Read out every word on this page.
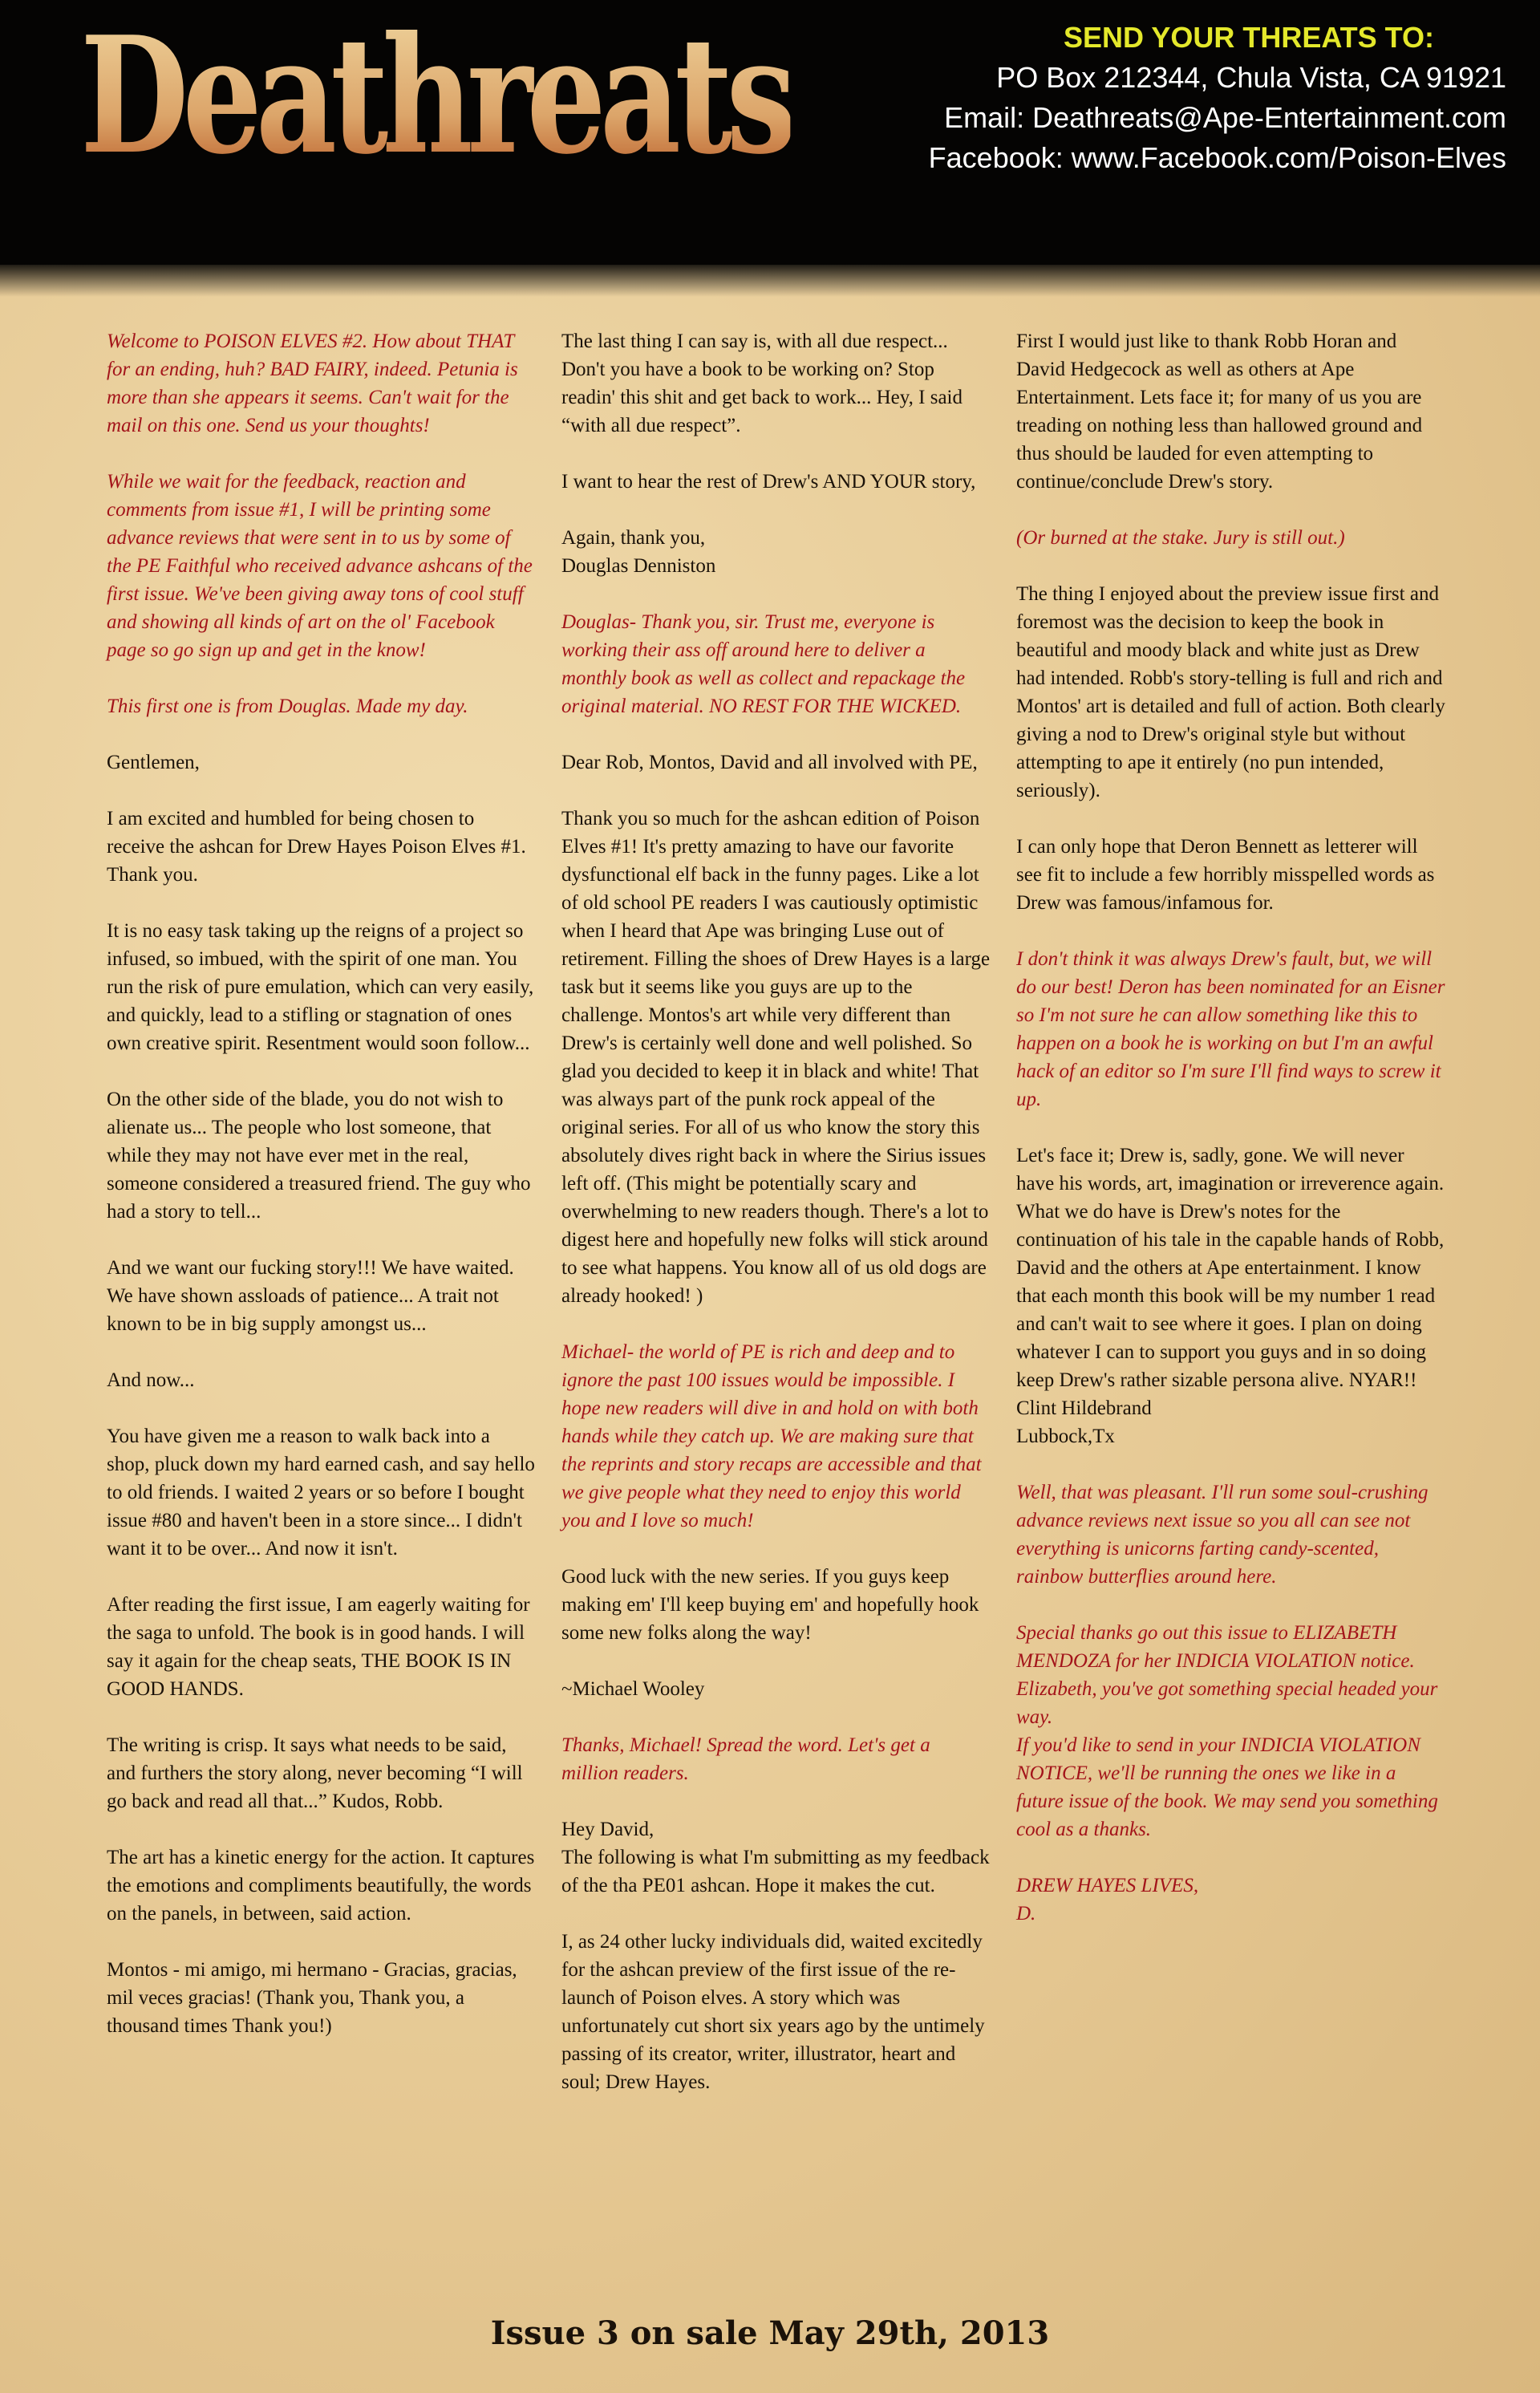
Deathreats	SEND YOUR THREATS TO:
PO Box 212344, Chula Vista, CA 91921
Email: Deathreats@Ape-Entertainment.com
Facebook: www.Facebook.com/Poison-Elves

Welcome to POISON ELVES #2. How about THAT for an ending, huh? BAD FAIRY, indeed. Petunia is more than she appears it seems. Can't wait for the mail on this one. Send us your thoughts!

While we wait for the feedback, reaction and comments from issue #1, I will be printing some advance reviews that were sent in to us by some of the PE Faithful who received advance ashcans of the first issue. We've been giving away tons of cool stuff and showing all kinds of art on the ol' Facebook page so go sign up and get in the know!

This first one is from Douglas. Made my day.

Gentlemen,

I am excited and humbled for being chosen to receive the ashcan for Drew Hayes Poison Elves #1. Thank you.

It is no easy task taking up the reigns of a project so infused, so imbued, with the spirit of one man. You run the risk of pure emulation, which can very easily, and quickly, lead to a stifling or stagnation of ones own creative spirit. Resentment would soon follow...

On the other side of the blade, you do not wish to alienate us... The people who lost someone, that while they may not have ever met in the real, someone considered a treasured friend. The guy who had a story to tell...

And we want our fucking story!!! We have waited. We have shown assloads of patience... A trait not known to be in big supply amongst us...

And now...

You have given me a reason to walk back into a shop, pluck down my hard earned cash, and say hello to old friends. I waited 2 years or so before I bought issue #80 and haven't been in a store since... I didn't want it to be over... And now it isn't.

After reading the first issue, I am eagerly waiting for the saga to unfold. The book is in good hands. I will say it again for the cheap seats, THE BOOK IS IN GOOD HANDS.

The writing is crisp. It says what needs to be said, and furthers the story along, never becoming “I will go back and read all that...” Kudos, Robb.

The art has a kinetic energy for the action. It captures the emotions and compliments beautifully, the words on the panels, in between, said action.

Montos - mi amigo, mi hermano - Gracias, gracias, mil veces gracias! (Thank you, Thank you, a thousand times Thank you!)

The last thing I can say is, with all due respect... Don't you have a book to be working on? Stop readin' this shit and get back to work... Hey, I said “with all due respect”.

I want to hear the rest of Drew's AND YOUR story,

Again, thank you,
Douglas Denniston

Douglas- Thank you, sir. Trust me, everyone is working their ass off around here to deliver a monthly book as well as collect and repackage the original material. NO REST FOR THE WICKED.

Dear Rob, Montos, David and all involved with PE,

Thank you so much for the ashcan edition of Poison Elves #1! It's pretty amazing to have our favorite dysfunctional elf back in the funny pages. Like a lot of old school PE readers I was cautiously optimistic when I heard that Ape was bringing Luse out of retirement. Filling the shoes of Drew Hayes is a large task but it seems like you guys are up to the challenge. Montos's art while very different than Drew's is certainly well done and well polished. So glad you decided to keep it in black and white! That was always part of the punk rock appeal of the original series. For all of us who know the story this absolutely dives right back in where the Sirius issues left off. (This might be potentially scary and overwhelming to new readers though. There's a lot to digest here and hopefully new folks will stick around to see what happens. You know all of us old dogs are already hooked! )

Michael- the world of PE is rich and deep and to ignore the past 100 issues would be impossible. I hope new readers will dive in and hold on with both hands while they catch up. We are making sure that the reprints and story recaps are accessible and that we give people what they need to enjoy this world you and I love so much!

Good luck with the new series. If you guys keep making em' I'll keep buying em' and hopefully hook some new folks along the way!

~Michael Wooley

Thanks, Michael! Spread the word. Let's get a million readers.

Hey David,
The following is what I'm submitting as my feedback of the tha PE01 ashcan. Hope it makes the cut.

I, as 24 other lucky individuals did, waited excitedly for the ashcan preview of the first issue of the re-launch of Poison elves. A story which was unfortunately cut short six years ago by the untimely passing of its creator, writer, illustrator, heart and soul; Drew Hayes.

First I would just like to thank Robb Horan and David Hedgecock as well as others at Ape Entertainment. Lets face it; for many of us you are treading on nothing less than hallowed ground and thus should be lauded for even attempting to continue/conclude Drew's story.

(Or burned at the stake. Jury is still out.)

The thing I enjoyed about the preview issue first and foremost was the decision to keep the book in beautiful and moody black and white just as Drew had intended. Robb's story-telling is full and rich and Montos' art is detailed and full of action. Both clearly giving a nod to Drew's original style but without attempting to ape it entirely (no pun intended, seriously).

I can only hope that Deron Bennett as letterer will see fit to include a few horribly misspelled words as Drew was famous/infamous for.

I don't think it was always Drew's fault, but, we will do our best! Deron has been nominated for an Eisner so I'm not sure he can allow something like this to happen on a book he is working on but I'm an awful hack of an editor so I'm sure I'll find ways to screw it up.

Let's face it; Drew is, sadly, gone. We will never have his words, art, imagination or irreverence again. What we do have is Drew's notes for the continuation of his tale in the capable hands of Robb, David and the others at Ape entertainment. I know that each month this book will be my number 1 read and can't wait to see where it goes. I plan on doing whatever I can to support you guys and in so doing keep Drew's rather sizable persona alive. NYAR!!
Clint Hildebrand
Lubbock,Tx

Well, that was pleasant. I'll run some soul-crushing advance reviews next issue so you all can see not everything is unicorns farting candy-scented, rainbow butterflies around here.

Special thanks go out this issue to ELIZABETH MENDOZA for her INDICIA VIOLATION notice. Elizabeth, you've got something special headed your way.
If you'd like to send in your INDICIA VIOLATION NOTICE, we'll be running the ones we like in a future issue of the book. We may send you something cool as a thanks.

DREW HAYES LIVES,
D.

Issue 3 on sale May 29th, 2013
